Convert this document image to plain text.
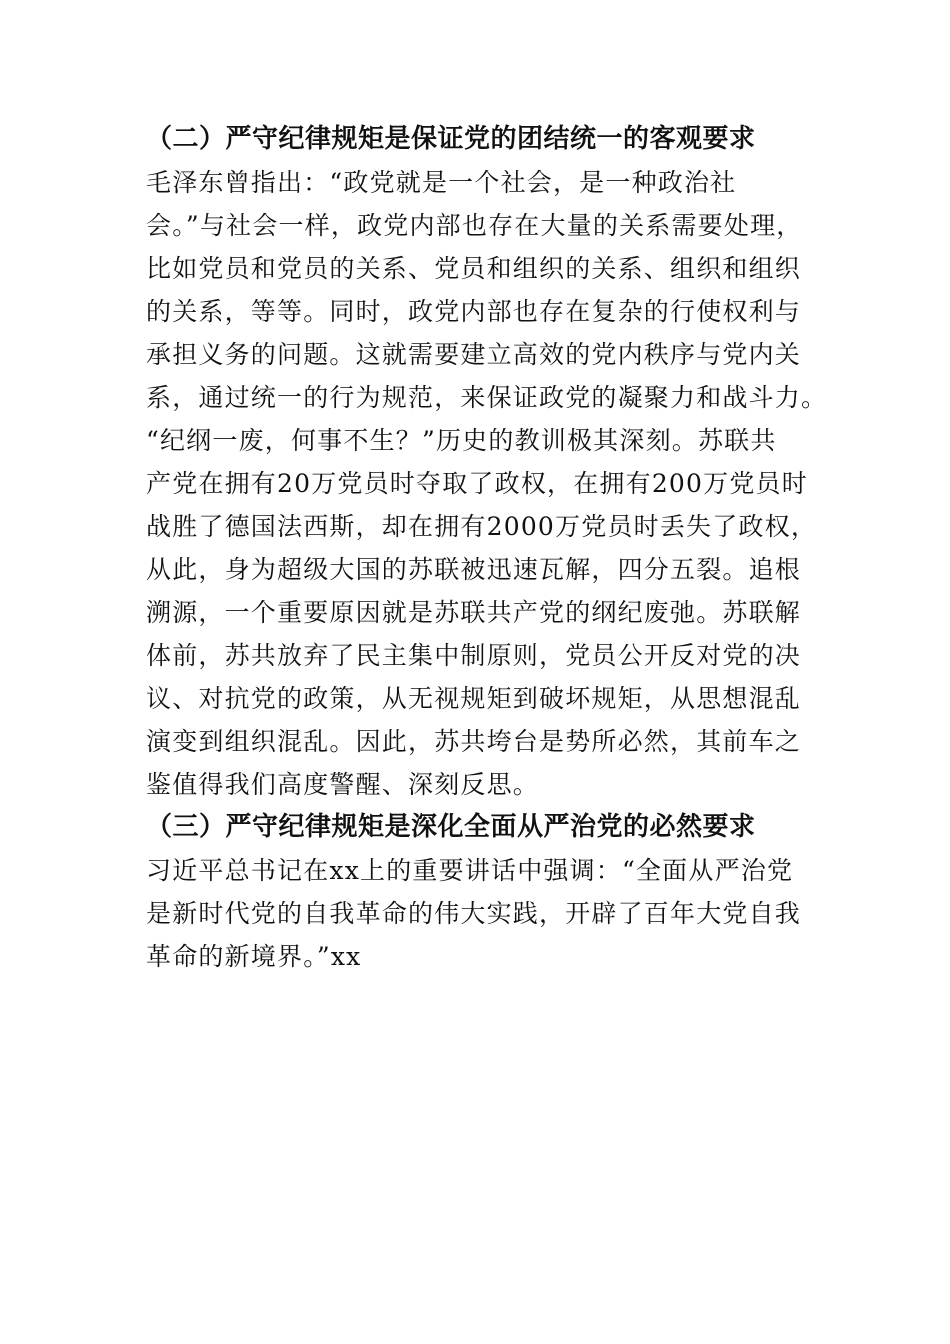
（二）严守纪律规矩是保证党的团结统一的客观要求

毛泽东曾指出：“政党就是一个社会，是一种政治社

会。”与社会一样，政党内部也存在大量的关系需要处理，

比如党员和党员的关系、党员和组织的关系、组织和组织

的关系，等等。同时，政党内部也存在复杂的行使权利与

承担义务的问题。这就需要建立高效的党内秩序与党内关

系，通过统一的行为规范，来保证政党的凝聚力和战斗力。

“纪纲一废，何事不生？”历史的教训极其深刻。苏联共

产党在拥有20万党员时夺取了政权，在拥有200万党员时

战胜了德国法西斯，却在拥有2000万党员时丢失了政权，

从此，身为超级大国的苏联被迅速瓦解，四分五裂。追根

溯源，一个重要原因就是苏联共产党的纲纪废弛。苏联解

体前，苏共放弃了民主集中制原则，党员公开反对党的决

议、对抗党的政策，从无视规矩到破坏规矩，从思想混乱

演变到组织混乱。因此，苏共垮台是势所必然，其前车之

鉴值得我们高度警醒、深刻反思。

（三）严守纪律规矩是深化全面从严治党的必然要求

习近平总书记在xx上的重要讲话中强调：“全面从严治党

是新时代党的自我革命的伟大实践，开辟了百年大党自我

革命的新境界。”xx
